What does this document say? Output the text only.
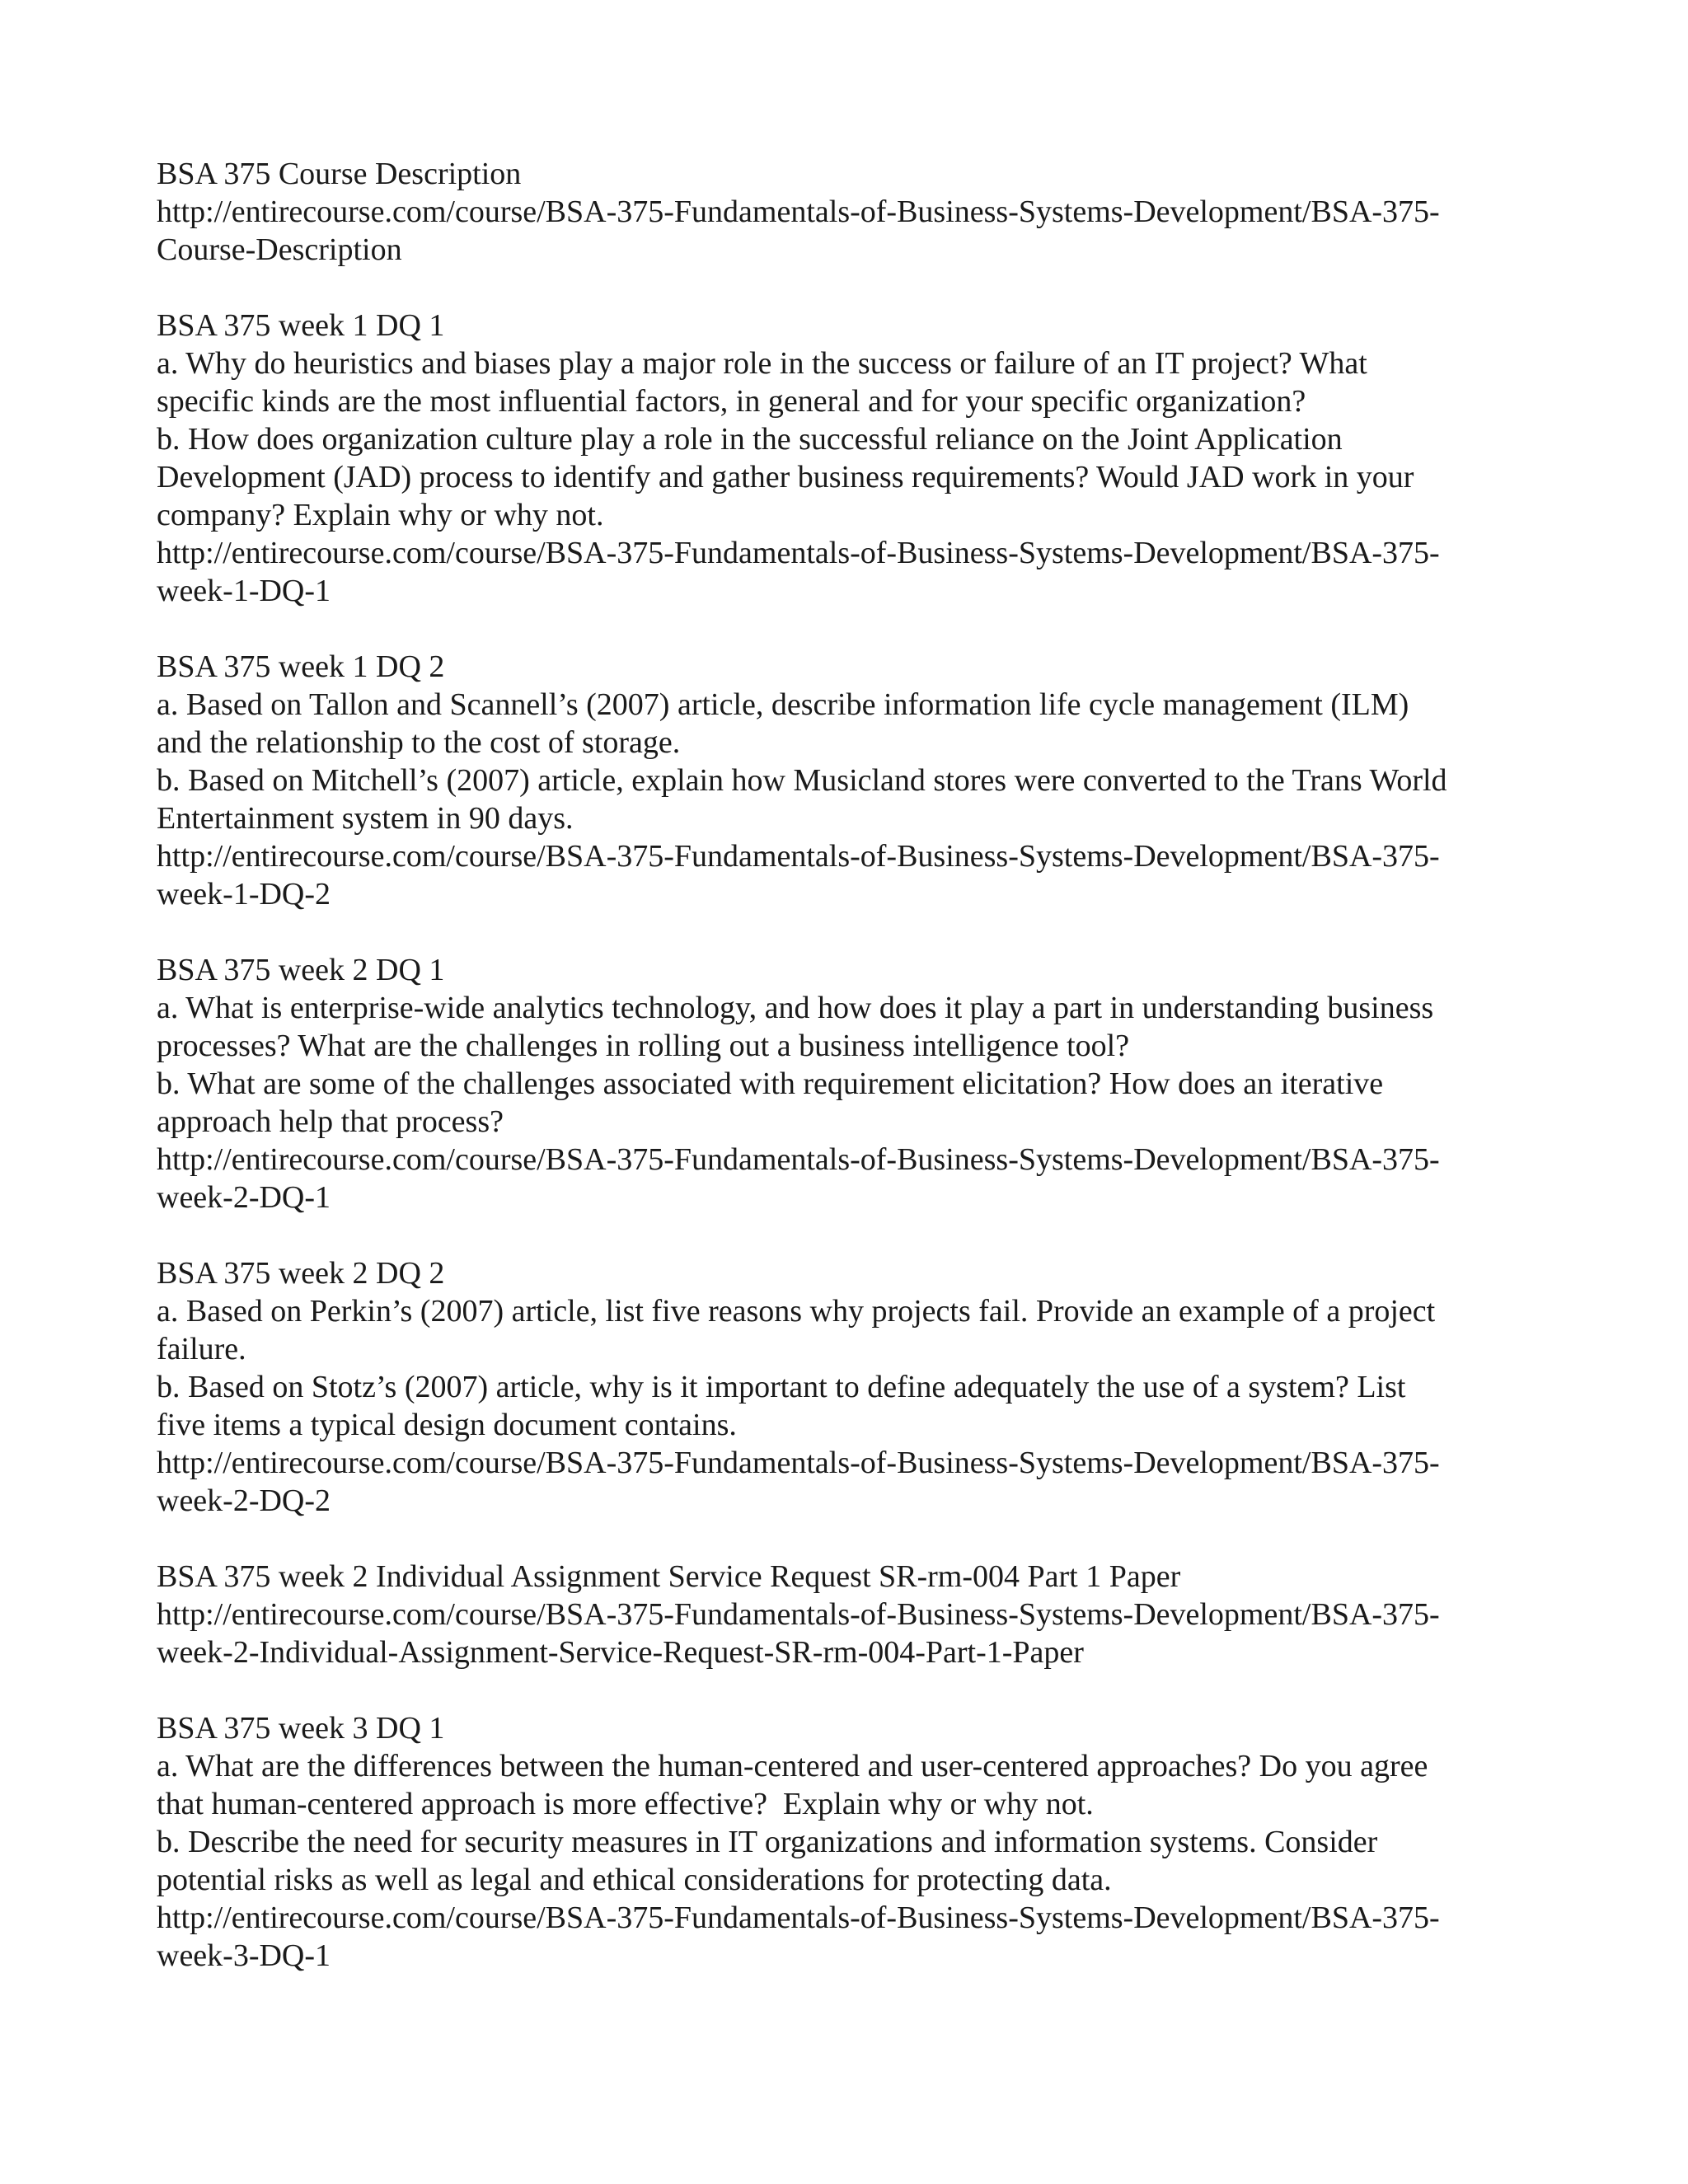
BSA 375 Course Description
http://entirecourse.com/course/BSA-375-Fundamentals-of-Business-Systems-Development/BSA-375-
Course-Description
BSA 375 week 1 DQ 1
a. Why do heuristics and biases play a major role in the success or failure of an IT project? What
specific kinds are the most influential factors, in general and for your specific organization?
b. How does organization culture play a role in the successful reliance on the Joint Application
Development (JAD) process to identify and gather business requirements? Would JAD work in your
company? Explain why or why not.
http://entirecourse.com/course/BSA-375-Fundamentals-of-Business-Systems-Development/BSA-375-
week-1-DQ-1
BSA 375 week 1 DQ 2
a. Based on Tallon and Scannell’s (2007) article, describe information life cycle management (ILM)
and the relationship to the cost of storage.
b. Based on Mitchell’s (2007) article, explain how Musicland stores were converted to the Trans World
Entertainment system in 90 days.
http://entirecourse.com/course/BSA-375-Fundamentals-of-Business-Systems-Development/BSA-375-
week-1-DQ-2
BSA 375 week 2 DQ 1
a. What is enterprise-wide analytics technology, and how does it play a part in understanding business
processes? What are the challenges in rolling out a business intelligence tool?
b. What are some of the challenges associated with requirement elicitation? How does an iterative
approach help that process?
http://entirecourse.com/course/BSA-375-Fundamentals-of-Business-Systems-Development/BSA-375-
week-2-DQ-1
BSA 375 week 2 DQ 2
a. Based on Perkin’s (2007) article, list five reasons why projects fail. Provide an example of a project
failure.
b. Based on Stotz’s (2007) article, why is it important to define adequately the use of a system? List
five items a typical design document contains.
http://entirecourse.com/course/BSA-375-Fundamentals-of-Business-Systems-Development/BSA-375-
week-2-DQ-2
BSA 375 week 2 Individual Assignment Service Request SR-rm-004 Part 1 Paper
http://entirecourse.com/course/BSA-375-Fundamentals-of-Business-Systems-Development/BSA-375-
week-2-Individual-Assignment-Service-Request-SR-rm-004-Part-1-Paper
BSA 375 week 3 DQ 1
a. What are the differences between the human-centered and user-centered approaches? Do you agree
that human-centered approach is more effective?  Explain why or why not.
b. Describe the need for security measures in IT organizations and information systems. Consider
potential risks as well as legal and ethical considerations for protecting data.
http://entirecourse.com/course/BSA-375-Fundamentals-of-Business-Systems-Development/BSA-375-
week-3-DQ-1
